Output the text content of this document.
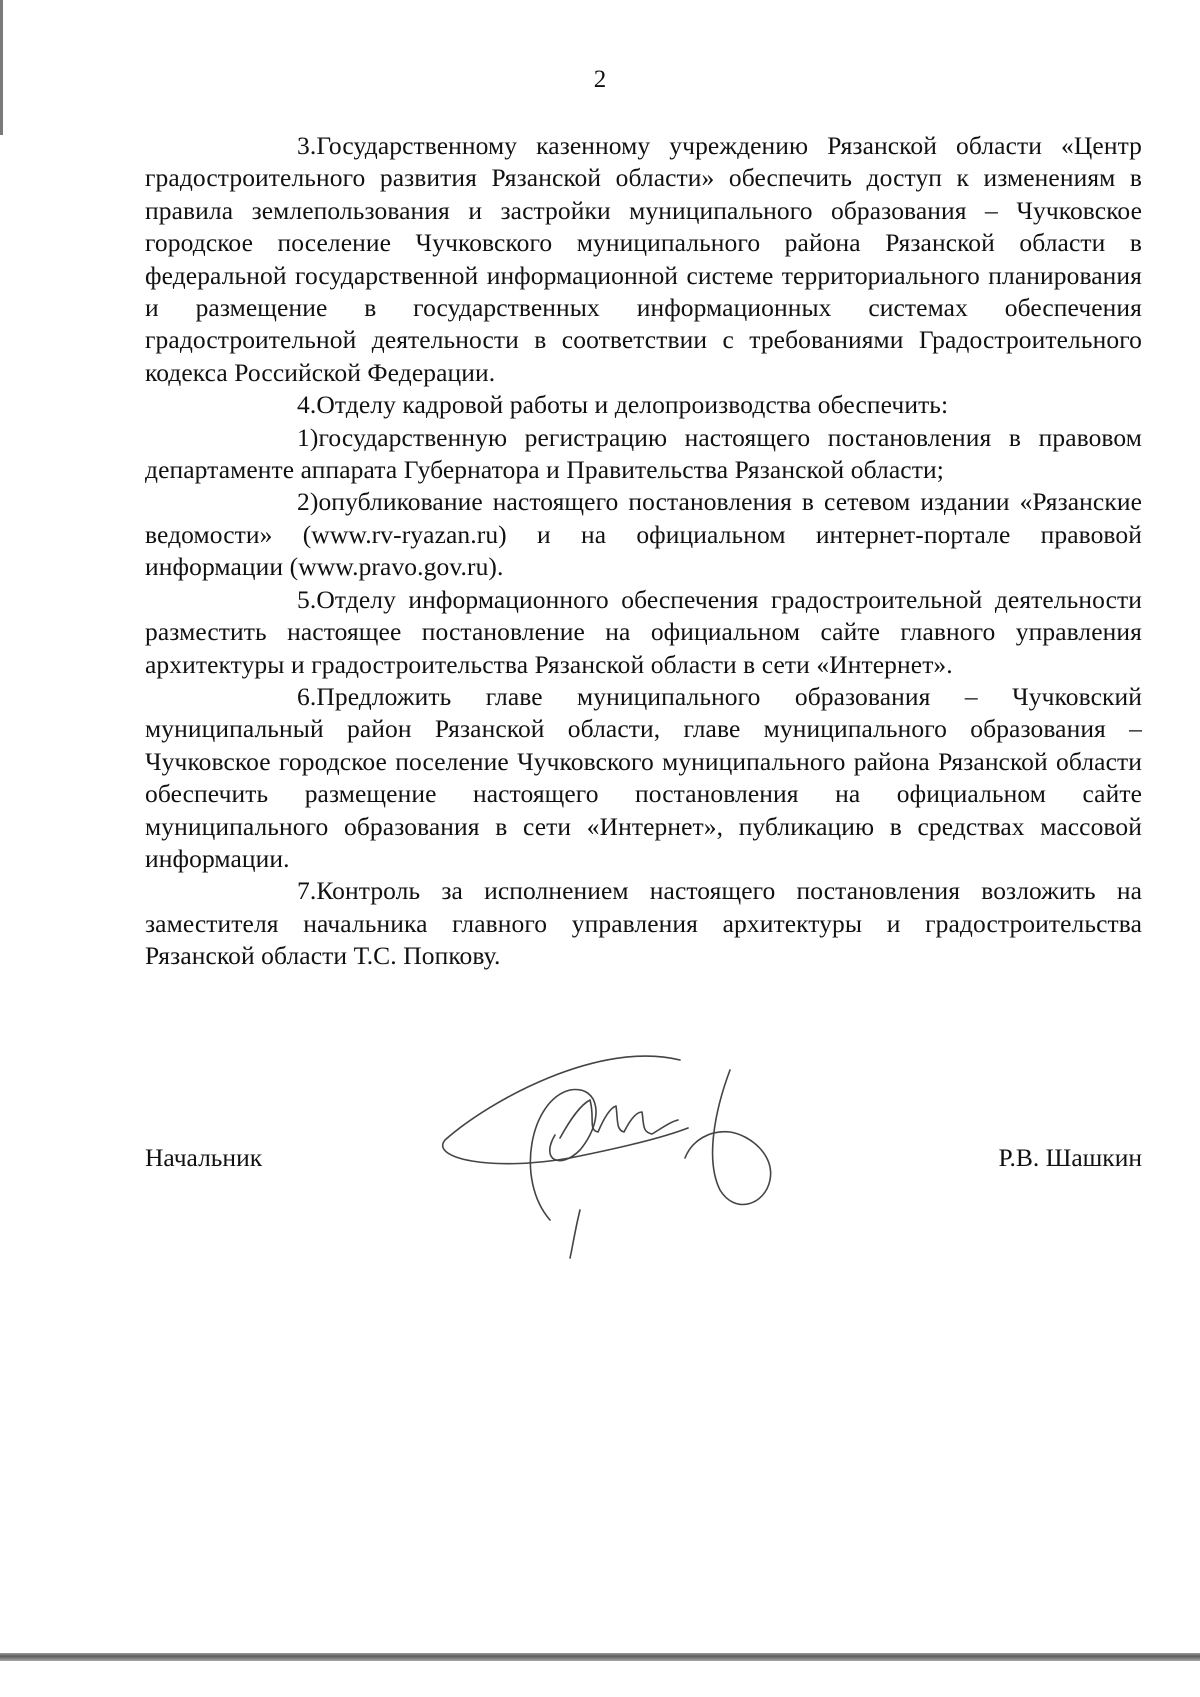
2

3.Государственному казенному учреждению Рязанской области «Центр градостроительного развития Рязанской области» обеспечить доступ к изменениям в правила землепользования и застройки муниципального образования – Чучковское городское поселение Чучковского муниципального района Рязанской области в федеральной государственной информационной системе территориального планирования и размещение в государственных информационных системах обеспечения градостроительной деятельности в соответствии с требованиями Градостроительного кодекса Российской Федерации.

4.Отделу кадровой работы и делопроизводства обеспечить:

1)государственную регистрацию настоящего постановления в правовом департаменте аппарата Губернатора и Правительства Рязанской области;

2)опубликование настоящего постановления в сетевом издании «Рязанские ведомости» (www.rv-ryazan.ru) и на официальном интернет-портале правовой информации (www.pravo.gov.ru).

5.Отделу информационного обеспечения градостроительной деятельности разместить настоящее постановление на официальном сайте главного управления архитектуры и градостроительства Рязанской области в сети «Интернет».

6.Предложить главе муниципального образования – Чучковский муниципальный район Рязанской области, главе муниципального образования – Чучковское городское поселение Чучковского муниципального района Рязанской области обеспечить размещение настоящего постановления на официальном сайте муниципального образования в сети «Интернет», публикацию в средствах массовой информации.

7.Контроль за исполнением настоящего постановления возложить на заместителя начальника главного управления архитектуры и градостроительства Рязанской области Т.С. Попкову.

Начальник	Р.В. Шашкин
